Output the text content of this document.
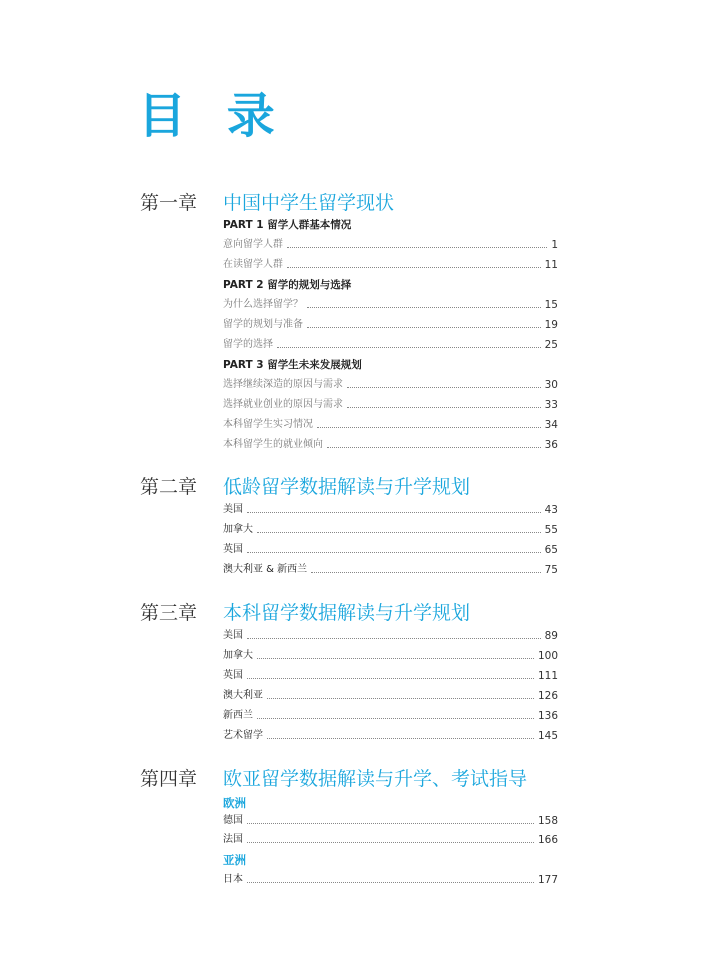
目 录
第一章 中国中学生留学现状
PART 1 留学人群基本情况
意向留学人群	1
在读留学人群	11
PART 2 留学的规划与选择
为什么选择留学？	15
留学的规划与准备	19
留学的选择	25
PART 3 留学生未来发展规划
选择继续深造的原因与需求	30
选择就业创业的原因与需求	33
本科留学生实习情况	34
本科留学生的就业倾向	36
第二章 低龄留学数据解读与升学规划
美国	43
加拿大	55
英国	65
澳大利亚 & 新西兰	75
第三章 本科留学数据解读与升学规划
美国	89
加拿大	100
英国	111
澳大利亚	126
新西兰	136
艺术留学	145
第四章 欧亚留学数据解读与升学、考试指导
欧洲
德国	158
法国	166
亚洲
日本	177
